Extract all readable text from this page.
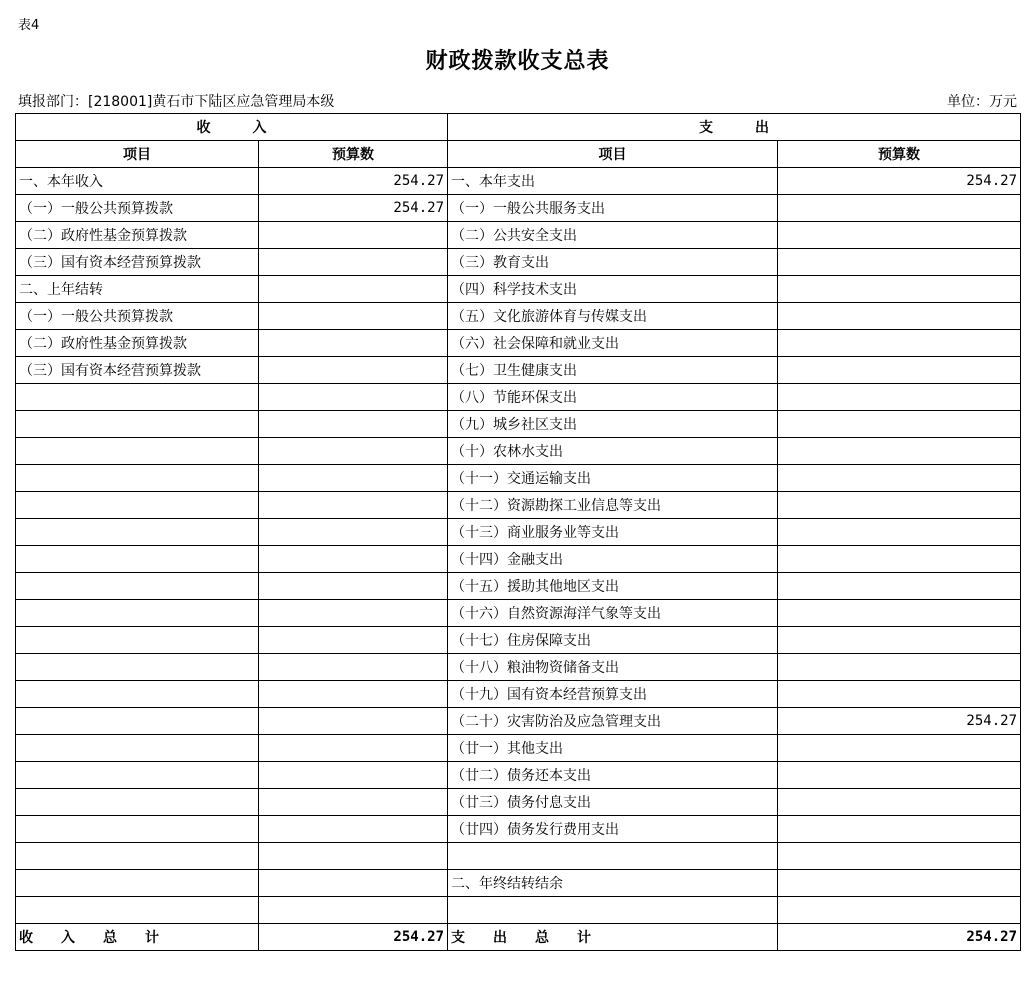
表4
财政拨款收支总表
填报部门：[218001]黄石市下陆区应急管理局本级	单位：万元
收　　　入		支　　　出	
项目	预算数	项目	预算数
一、本年收入	254.27	一、本年支出	254.27
（一）一般公共预算拨款	254.27	（一）一般公共服务支出	
（二）政府性基金预算拨款		（二）公共安全支出	
（三）国有资本经营预算拨款		（三）教育支出	
二、上年结转		（四）科学技术支出	
（一）一般公共预算拨款		（五）文化旅游体育与传媒支出	
（二）政府性基金预算拨款		（六）社会保障和就业支出	
（三）国有资本经营预算拨款		（七）卫生健康支出	
		（八）节能环保支出	
		（九）城乡社区支出	
		（十）农林水支出	
		（十一）交通运输支出	
		（十二）资源勘探工业信息等支出	
		（十三）商业服务业等支出	
		（十四）金融支出	
		（十五）援助其他地区支出	
		（十六）自然资源海洋气象等支出	
		（十七）住房保障支出	
		（十八）粮油物资储备支出	
		（十九）国有资本经营预算支出	
		（二十）灾害防治及应急管理支出	254.27
		（廿一）其他支出	
		（廿二）债务还本支出	
		（廿三）债务付息支出	
		（廿四）债务发行费用支出	

		二、年终结转结余	

收　　入　　总　　计	254.27	支　　出　　总　　计	254.27
